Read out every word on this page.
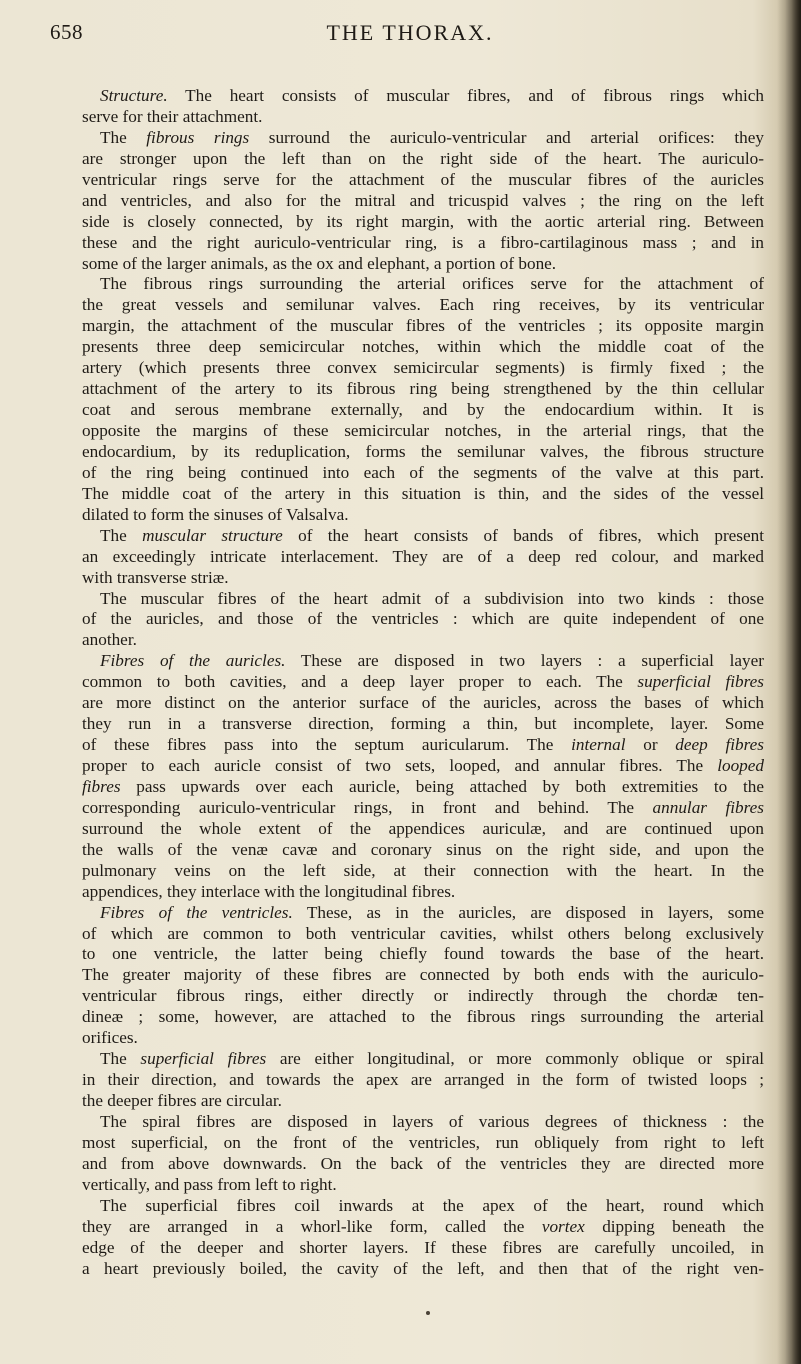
658	THE THORAX.
Structure. The heart consists of muscular fibres, and of fibrous rings which
serve for their attachment.
The fibrous rings surround the auriculo-ventricular and arterial orifices: they
are stronger upon the left than on the right side of the heart. The auriculo-
ventricular rings serve for the attachment of the muscular fibres of the auricles
and ventricles, and also for the mitral and tricuspid valves ; the ring on the left
side is closely connected, by its right margin, with the aortic arterial ring. Between
these and the right auriculo-ventricular ring, is a fibro-cartilaginous mass ; and in
some of the larger animals, as the ox and elephant, a portion of bone.
The fibrous rings surrounding the arterial orifices serve for the attachment of
the great vessels and semilunar valves. Each ring receives, by its ventricular
margin, the attachment of the muscular fibres of the ventricles ; its opposite margin
presents three deep semicircular notches, within which the middle coat of the
artery (which presents three convex semicircular segments) is firmly fixed ; the
attachment of the artery to its fibrous ring being strengthened by the thin cellular
coat and serous membrane externally, and by the endocardium within. It is
opposite the margins of these semicircular notches, in the arterial rings, that the
endocardium, by its reduplication, forms the semilunar valves, the fibrous structure
of the ring being continued into each of the segments of the valve at this part.
The middle coat of the artery in this situation is thin, and the sides of the vessel
dilated to form the sinuses of Valsalva.
The muscular structure of the heart consists of bands of fibres, which present
an exceedingly intricate interlacement. They are of a deep red colour, and marked
with transverse striæ.
The muscular fibres of the heart admit of a subdivision into two kinds : those
of the auricles, and those of the ventricles : which are quite independent of one
another.
Fibres of the auricles. These are disposed in two layers : a superficial layer
common to both cavities, and a deep layer proper to each. The superficial fibres
are more distinct on the anterior surface of the auricles, across the bases of which
they run in a transverse direction, forming a thin, but incomplete, layer. Some
of these fibres pass into the septum auricularum. The internal or deep fibres
proper to each auricle consist of two sets, looped, and annular fibres. The looped
fibres pass upwards over each auricle, being attached by both extremities to the
corresponding auriculo-ventricular rings, in front and behind. The annular fibres
surround the whole extent of the appendices auriculæ, and are continued upon
the walls of the venæ cavæ and coronary sinus on the right side, and upon the
pulmonary veins on the left side, at their connection with the heart. In the
appendices, they interlace with the longitudinal fibres.
Fibres of the ventricles. These, as in the auricles, are disposed in layers, some
of which are common to both ventricular cavities, whilst others belong exclusively
to one ventricle, the latter being chiefly found towards the base of the heart.
The greater majority of these fibres are connected by both ends with the auriculo-
ventricular fibrous rings, either directly or indirectly through the chordæ ten-
dineæ ; some, however, are attached to the fibrous rings surrounding the arterial
orifices.
The superficial fibres are either longitudinal, or more commonly oblique or spiral
in their direction, and towards the apex are arranged in the form of twisted loops ;
the deeper fibres are circular.
The spiral fibres are disposed in layers of various degrees of thickness : the
most superficial, on the front of the ventricles, run obliquely from right to left
and from above downwards. On the back of the ventricles they are directed more
vertically, and pass from left to right.
The superficial fibres coil inwards at the apex of the heart, round which
they are arranged in a whorl-like form, called the vortex dipping beneath the
edge of the deeper and shorter layers. If these fibres are carefully uncoiled, in
a heart previously boiled, the cavity of the left, and then that of the right ven-
